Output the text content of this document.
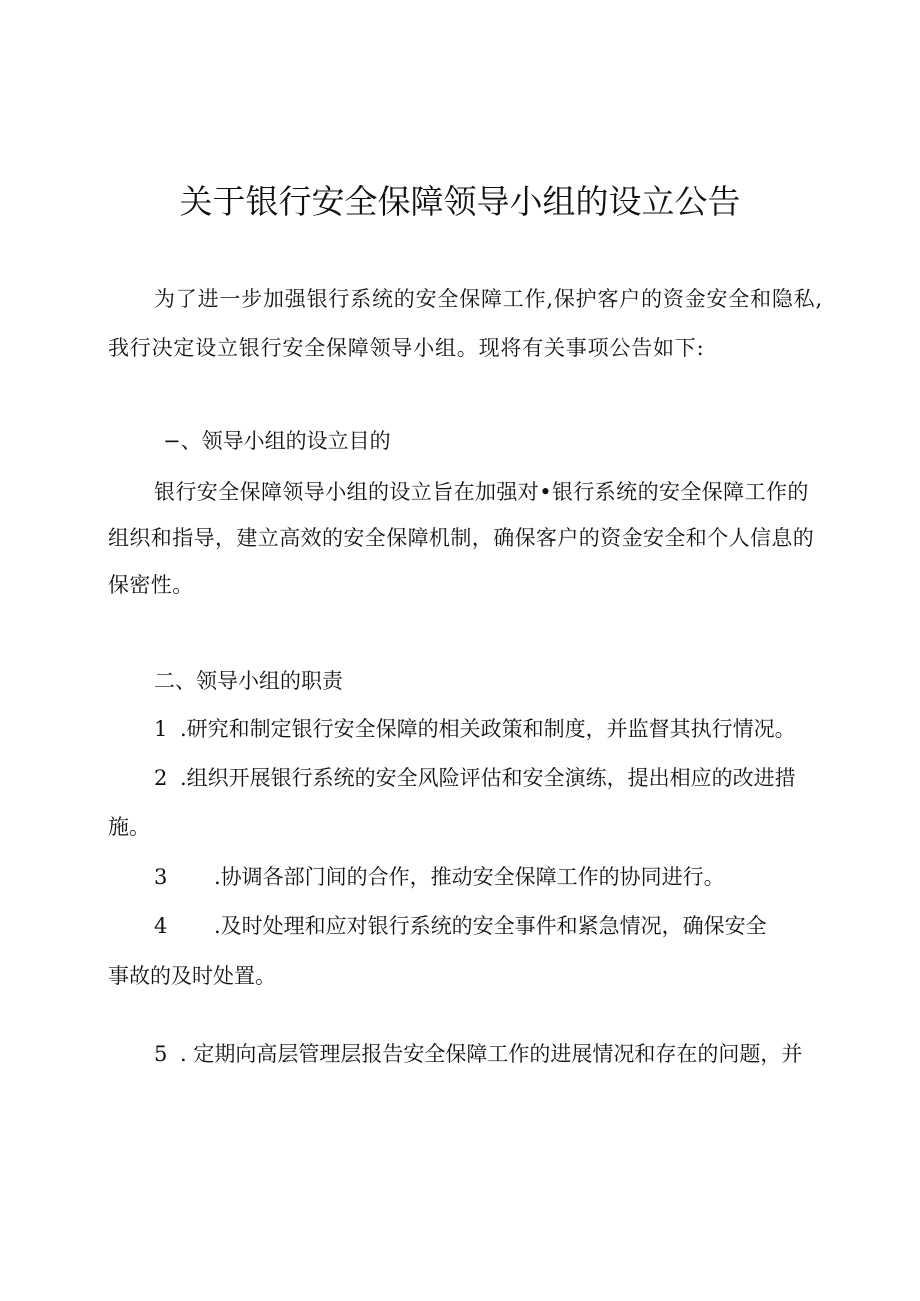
关于银行安全保障领导小组的设立公告
为了进一步加强银行系统的安全保障工作,保护客户的资金安全和隐私,
我行决定设立银行安全保障领导小组。现将有关事项公告如下:
−、领导小组的设立目的
银行安全保障领导小组的设立旨在加强对•银行系统的安全保障工作的
组织和指导，建立高效的安全保障机制，确保客户的资金安全和个人信息的
保密性。
二、领导小组的职责
1 .研究和制定银行安全保障的相关政策和制度，并监督其执行情况。
2 .组织开展银行系统的安全风险评估和安全演练，提出相应的改进措
施。
3 .协调各部门间的合作，推动安全保障工作的协同进行。
4 .及时处理和应对银行系统的安全事件和紧急情况，确保安全
事故的及时处置。
5 . 定期向高层管理层报告安全保障工作的进展情况和存在的问题，并
